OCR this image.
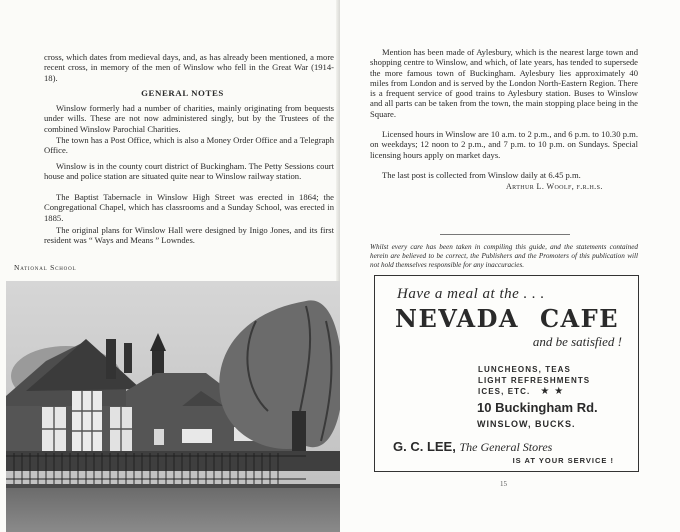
cross, which dates from medieval days, and, as has already been mentioned, a more recent cross, in memory of the men of Winslow who fell in the Great War (1914-18).

GENERAL NOTES

Winslow formerly had a number of charities, mainly originating from bequests under wills. These are not now administered singly, but by the Trustees of the combined Winslow Parochial Charities.

The town has a Post Office, which is also a Money Order Office and a Telegraph Office.

Winslow is in the county court district of Buckingham. The Petty Sessions court house and police station are situated quite near to Winslow railway station.

The Baptist Tabernacle in Winslow High Street was erected in 1864; the Congregational Chapel, which has classrooms and a Sunday School, was erected in 1885.

The original plans for Winslow Hall were designed by Inigo Jones, and its first resident was “ Ways and Means ” Lowndes.

National School

Mention has been made of Aylesbury, which is the nearest large town and shopping centre to Winslow, and which, of late years, has tended to supersede the more famous town of Buckingham. Aylesbury lies approximately 40 miles from London and is served by the London North-Eastern Region. There is a frequent service of good trains to Aylesbury station. Buses to Winslow and all parts can be taken from the town, the main stopping place being in the Square.

Licensed hours in Winslow are 10 a.m. to 2 p.m., and 6 p.m. to 10.30 p.m. on weekdays; 12 noon to 2 p.m., and 7 p.m. to 10 p.m. on Sundays. Special licensing hours apply on market days.

The last post is collected from Winslow daily at 6.45 p.m.

Arthur L. Woolf, f.r.h.s.
Whilst every care has been taken in compiling this guide, and the statements contained herein are believed to be correct, the Publishers and the Promoters of this publication will not hold themselves responsible for any inaccuracies.
Have a meal at the . . .
NEVADA CAFE
and be satisfied !
LUNCHEONS, TEAS
LIGHT REFRESHMENTS
ICES, ETC. ★ ★
10 Buckingham Rd.
WINSLOW, BUCKS.
G. C. LEE, The General Stores
IS AT YOUR SERVICE !
15
